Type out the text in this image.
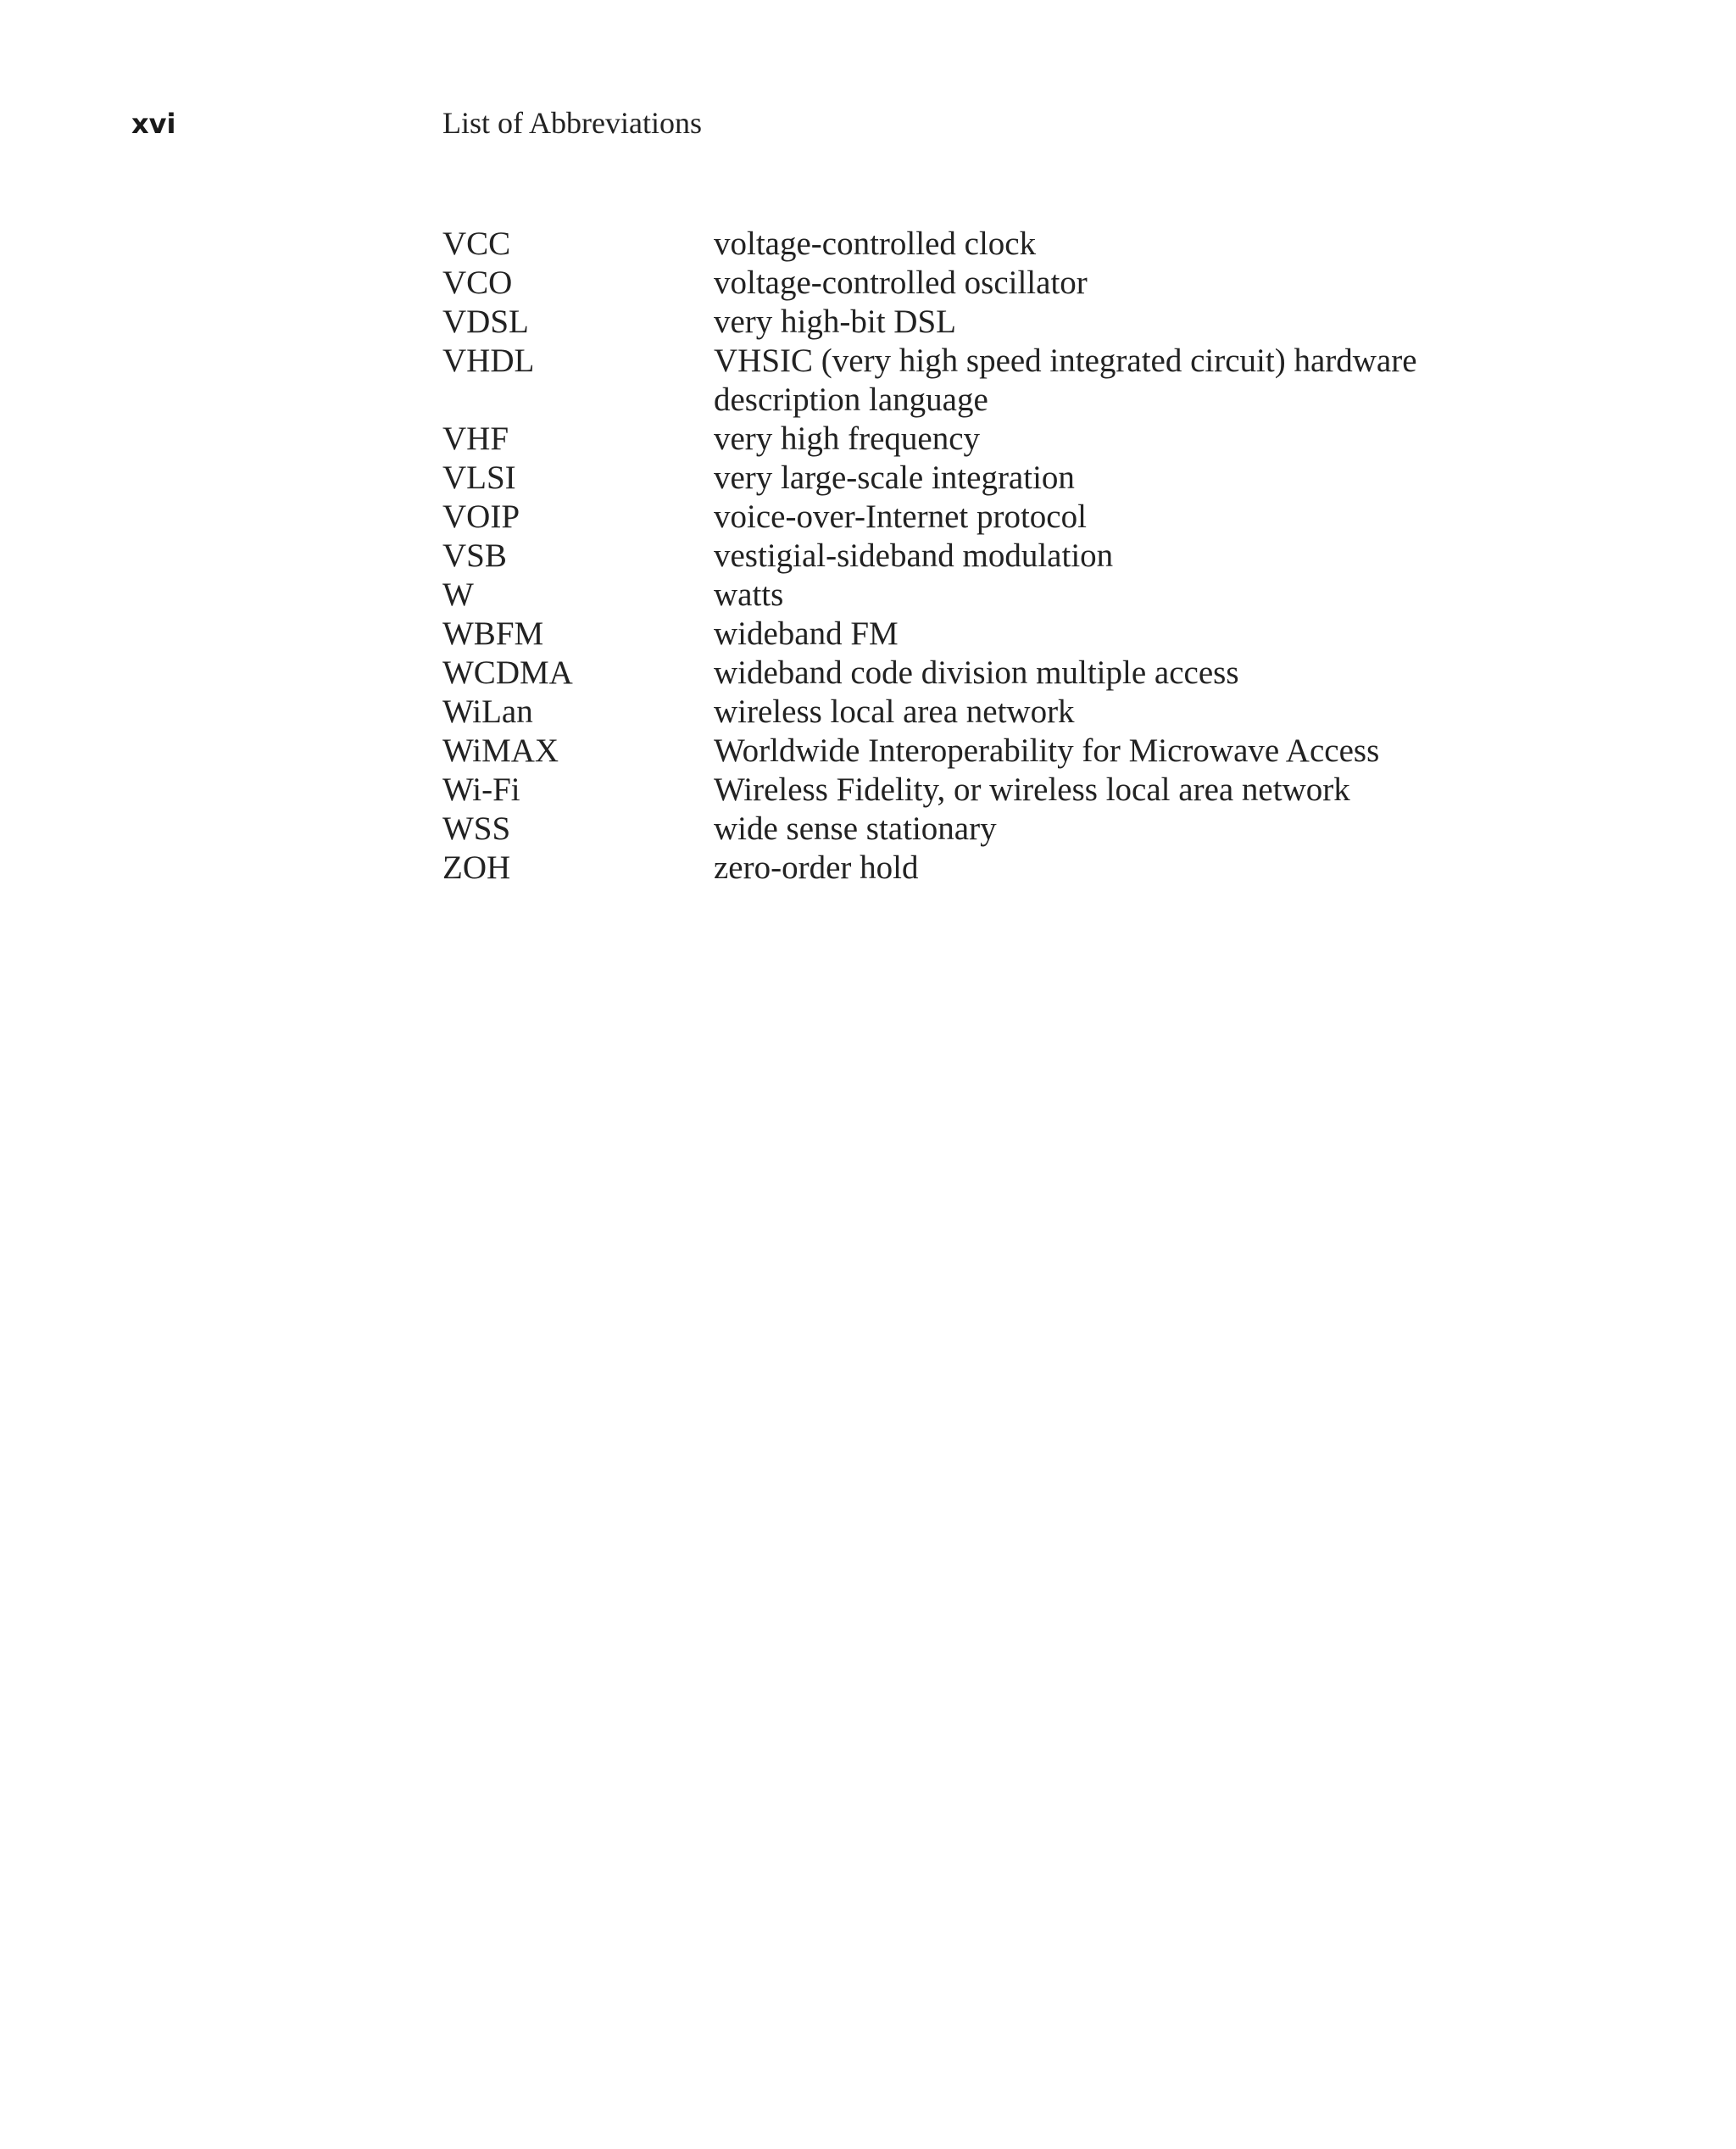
xvi	List of Abbreviations
VCC	voltage-controlled clock
VCO	voltage-controlled oscillator
VDSL	very high-bit DSL
VHDL	VHSIC (very high speed integrated circuit) hardware
description language
VHF	very high frequency
VLSI	very large-scale integration
VOIP	voice-over-Internet protocol
VSB	vestigial-sideband modulation
W	watts
WBFM	wideband FM
WCDMA	wideband code division multiple access
WiLan	wireless local area network
WiMAX	Worldwide Interoperability for Microwave Access
Wi-Fi	Wireless Fidelity, or wireless local area network
WSS	wide sense stationary
ZOH	zero-order hold
